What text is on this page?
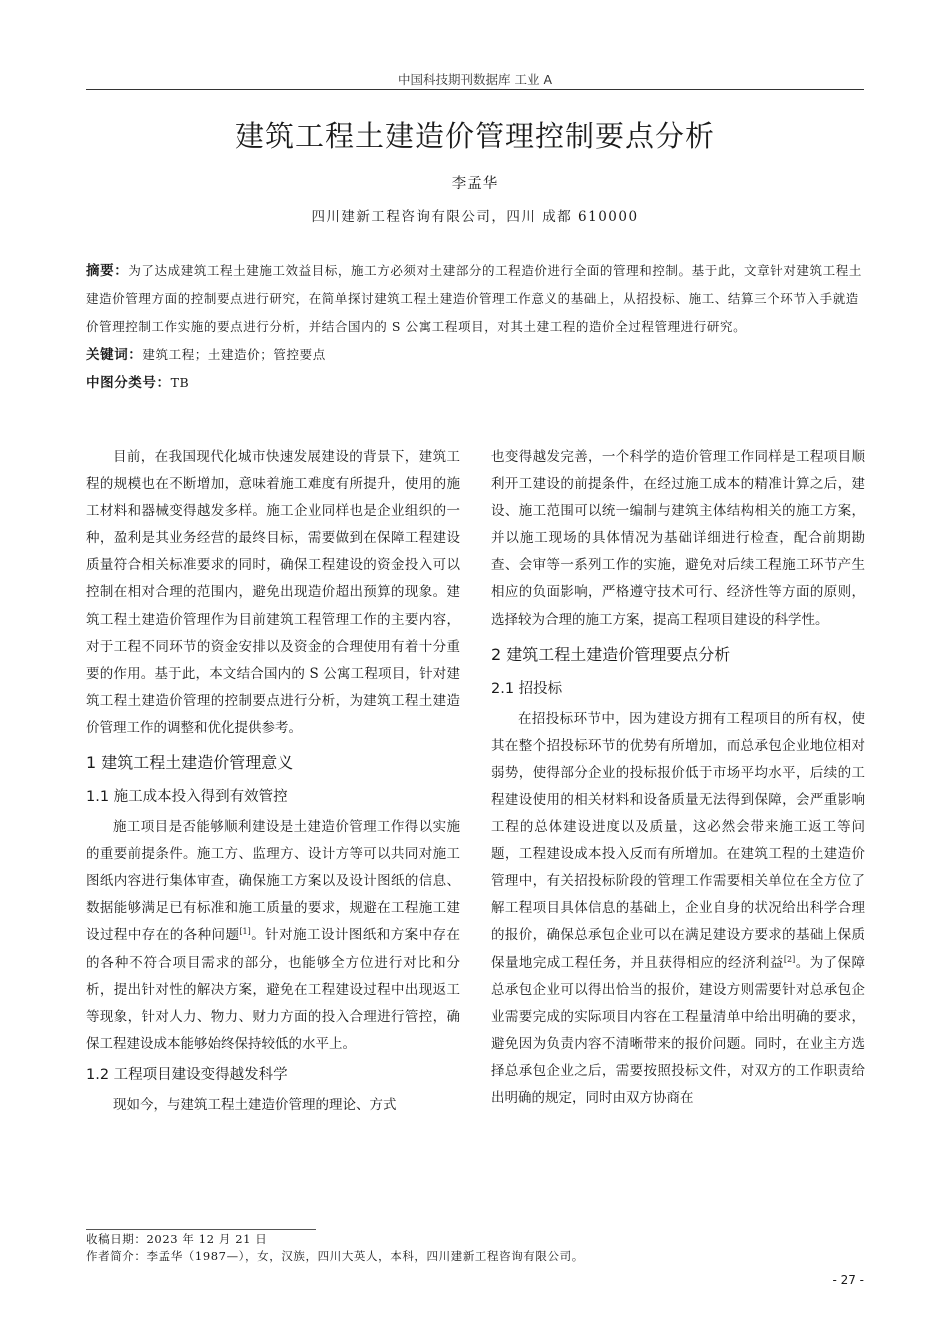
中国科技期刊数据库 工业 A
建筑工程土建造价管理控制要点分析
李孟华
四川建新工程咨询有限公司，四川 成都 610000

摘要：为了达成建筑工程土建施工效益目标，施工方必须对土建部分的工程造价进行全面的管理和控制。基于此，文章针对建筑工程土建造价管理方面的控制要点进行研究，在简单探讨建筑工程土建造价管理工作意义的基础上，从招投标、施工、结算三个环节入手就造价管理控制工作实施的要点进行分析，并结合国内的 S 公寓工程项目，对其土建工程的造价全过程管理进行研究。

关键词：建筑工程；土建造价；管控要点

中图分类号：TB

目前，在我国现代化城市快速发展建设的背景下，建筑工程的规模也在不断增加，意味着施工难度有所提升，使用的施工材料和器械变得越发多样。施工企业同样也是企业组织的一种，盈利是其业务经营的最终目标，需要做到在保障工程建设质量符合相关标准要求的同时，确保工程建设的资金投入可以控制在相对合理的范围内，避免出现造价超出预算的现象。建筑工程土建造价管理作为目前建筑工程管理工作的主要内容，对于工程不同环节的资金安排以及资金的合理使用有着十分重要的作用。基于此，本文结合国内的 S 公寓工程项目，针对建筑工程土建造价管理的控制要点进行分析，为建筑工程土建造价管理工作的调整和优化提供参考。

1 建筑工程土建造价管理意义

1.1 施工成本投入得到有效管控

施工项目是否能够顺利建设是土建造价管理工作得以实施的重要前提条件。施工方、监理方、设计方等可以共同对施工图纸内容进行集体审查，确保施工方案以及设计图纸的信息、数据能够满足已有标准和施工质量的要求，规避在工程施工建设过程中存在的各种问题[1]。针对施工设计图纸和方案中存在的各种不符合项目需求的部分，也能够全方位进行对比和分析，提出针对性的解决方案，避免在工程建设过程中出现返工等现象，针对人力、物力、财力方面的投入合理进行管控，确保工程建设成本能够始终保持较低的水平上。

1.2 工程项目建设变得越发科学

现如今，与建筑工程土建造价管理的理论、方式

也变得越发完善，一个科学的造价管理工作同样是工程项目顺利开工建设的前提条件，在经过施工成本的精准计算之后，建设、施工范围可以统一编制与建筑主体结构相关的施工方案，并以施工现场的具体情况为基础详细进行检查，配合前期勘查、会审等一系列工作的实施，避免对后续工程施工环节产生相应的负面影响，严格遵守技术可行、经济性等方面的原则，选择较为合理的施工方案，提高工程项目建设的科学性。

2 建筑工程土建造价管理要点分析

2.1 招投标

在招投标环节中，因为建设方拥有工程项目的所有权，使其在整个招投标环节的优势有所增加，而总承包企业地位相对弱势，使得部分企业的投标报价低于市场平均水平，后续的工程建设使用的相关材料和设备质量无法得到保障，会严重影响工程的总体建设进度以及质量，这必然会带来施工返工等问题，工程建设成本投入反而有所增加。在建筑工程的土建造价管理中，有关招投标阶段的管理工作需要相关单位在全方位了解工程项目具体信息的基础上，企业自身的状况给出科学合理的报价，确保总承包企业可以在满足建设方要求的基础上保质保量地完成工程任务，并且获得相应的经济利益[2]。为了保障总承包企业可以得出恰当的报价，建设方则需要针对总承包企业需要完成的实际项目内容在工程量清单中给出明确的要求，避免因为负责内容不清晰带来的报价问题。同时，在业主方选择总承包企业之后，需要按照投标文件，对双方的工作职责给出明确的规定，同时由双方协商在

收稿日期：2023 年 12 月 21 日

作者简介：李孟华（1987—），女，汉族，四川大英人，本科，四川建新工程咨询有限公司。

- 27 -
